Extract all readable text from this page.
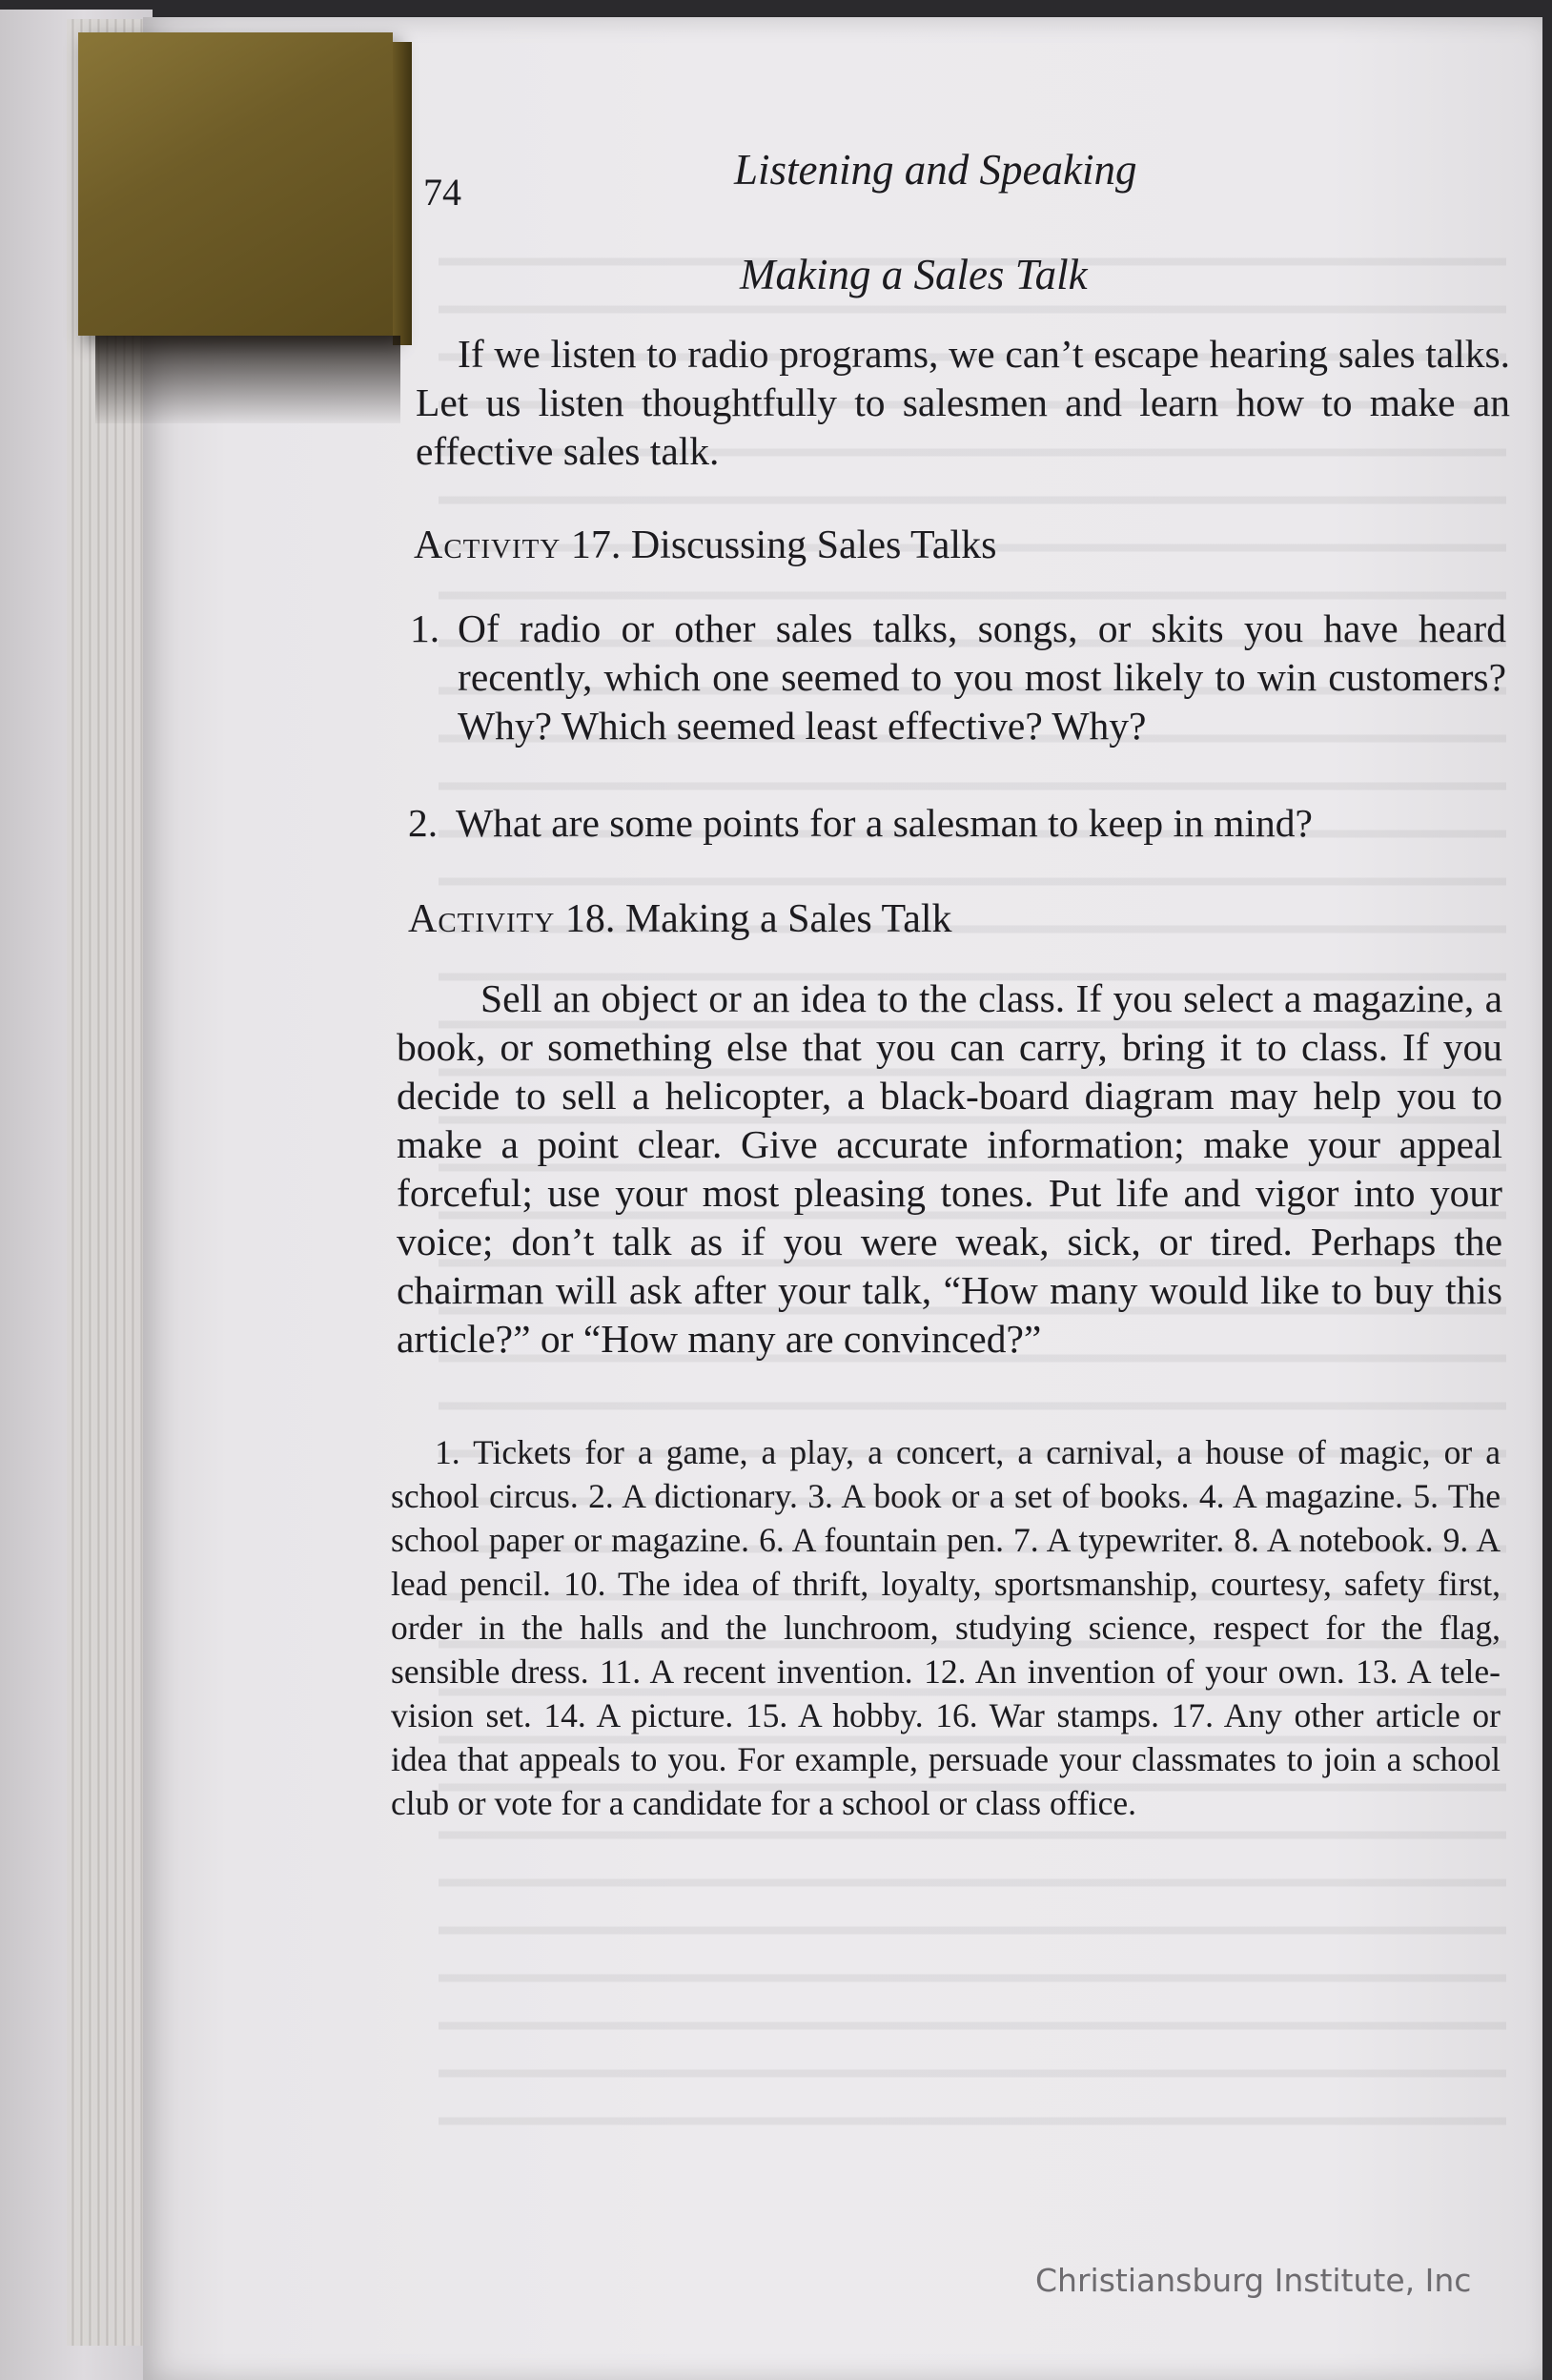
74	Listening and Speaking
Making a Sales Talk
If we listen to radio programs, we can’t escape hearing sales talks. Let us listen thoughtfully to salesmen and learn how to make an effective sales talk.
Activity 17. Discussing Sales Talks
1. Of radio or other sales talks, songs, or skits you have heard recently, which one seemed to you most likely to win customers? Why? Which seemed least effective? Why?
2. What are some points for a salesman to keep in mind?
Activity 18. Making a Sales Talk
Sell an object or an idea to the class. If you select a magazine, a book, or something else that you can carry, bring it to class. If you decide to sell a helicopter, a black-board diagram may help you to make a point clear. Give accurate information; make your appeal forceful; use your most pleasing tones. Put life and vigor into your voice; don’t talk as if you were weak, sick, or tired. Perhaps the chairman will ask after your talk, “How many would like to buy this article?” or “How many are convinced?”
1. Tickets for a game, a play, a concert, a carnival, a house of magic, or a school circus. 2. A dictionary. 3. A book or a set of books. 4. A magazine. 5. The school paper or magazine. 6. A fountain pen. 7. A typewriter. 8. A notebook. 9. A lead pencil. 10. The idea of thrift, loyalty, sportsmanship, courtesy, safety first, order in the halls and the lunchroom, studying science, respect for the flag, sensible dress. 11. A recent invention. 12. An invention of your own. 13. A tele-vision set. 14. A picture. 15. A hobby. 16. War stamps. 17. Any other article or idea that appeals to you. For example, persuade your classmates to join a school club or vote for a candidate for a school or class office.
Christiansburg Institute, Inc
